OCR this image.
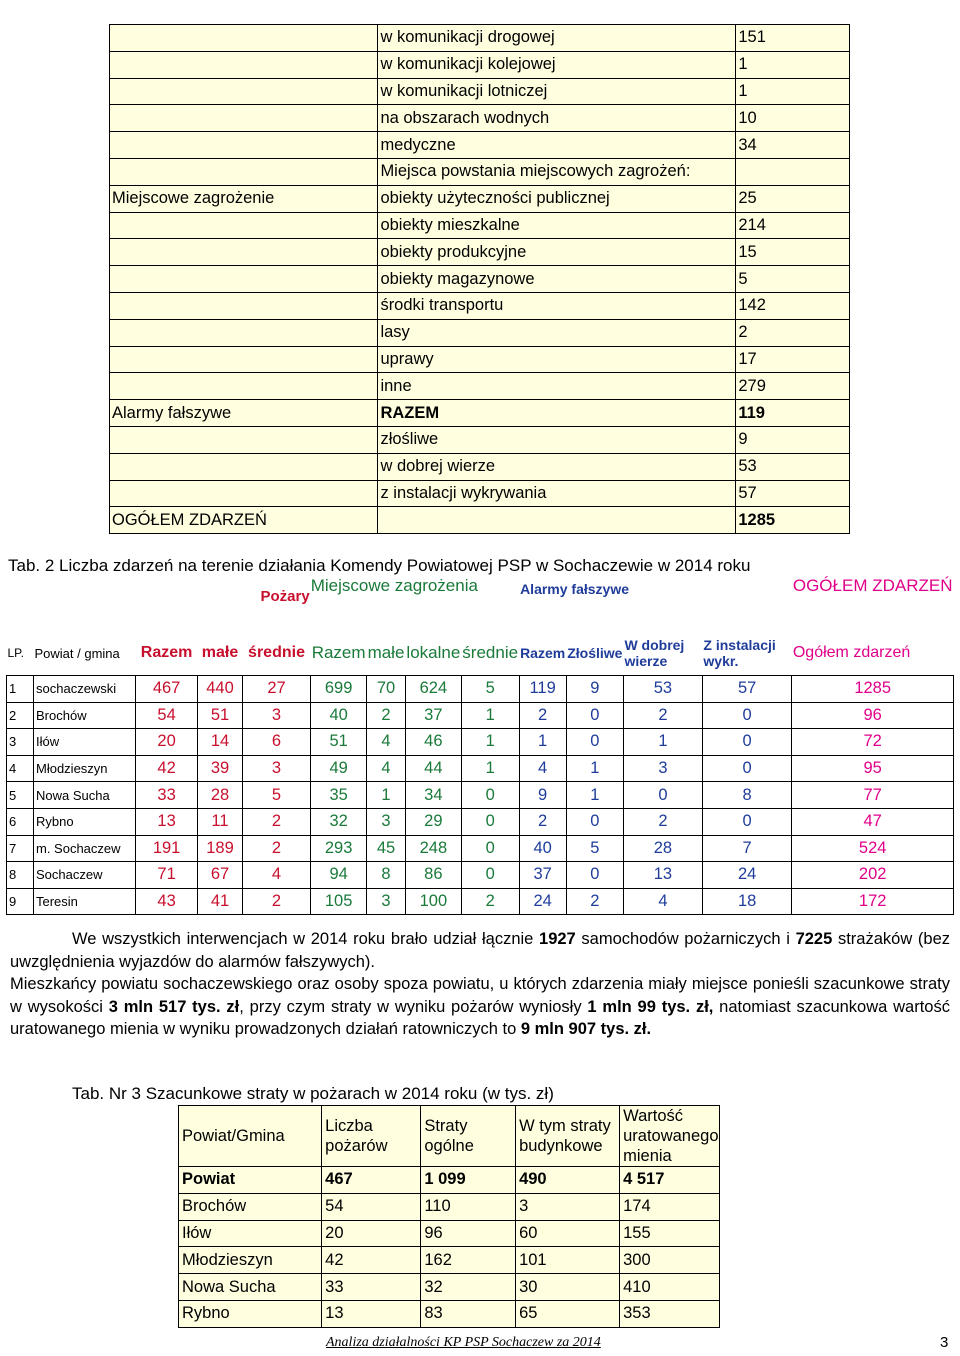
	w komunikacji drogowej	151
	w komunikacji kolejowej	1
	w komunikacji lotniczej	1
	na obszarach wodnych	10
	medyczne	34
	Miejsca powstania miejscowych zagrożeń:	
Miejscowe zagrożenie	obiekty użyteczności publicznej	25
	obiekty mieszkalne	214
	obiekty produkcyjne	15
	obiekty magazynowe	5
	środki transportu	142
	lasy	2
	uprawy	17
	inne	279
Alarmy fałszywe	RAZEM	119
	złośliwe	9
	w dobrej wierze	53
	z instalacji wykrywania	57
OGÓŁEM ZDARZEŃ		1285
Tab. 2 Liczba zdarzeń na terenie działania Komendy Powiatowej PSP w Sochaczewie w 2014 roku
		Pożary			Miejscowe zagrożenia				Alarmy fałszywe				OGÓŁEM ZDARZEŃ
LP.	Powiat / gmina	Razem	małe	średnie	Razem	małe	lokalne	średnie	Razem	Złośliwe	W dobrej wierze	Z instalacji wykr.	Ogółem zdarzeń
1	sochaczewski	467	440	27	699	70	624	5	119	9	53	57	1285
2	Brochów	54	51	3	40	2	37	1	2	0	2	0	96
3	Iłów	20	14	6	51	4	46	1	1	0	1	0	72
4	Młodzieszyn	42	39	3	49	4	44	1	4	1	3	0	95
5	Nowa Sucha	33	28	5	35	1	34	0	9	1	0	8	77
6	Rybno	13	11	2	32	3	29	0	2	0	2	0	47
7	m. Sochaczew	191	189	2	293	45	248	0	40	5	28	7	524
8	Sochaczew	71	67	4	94	8	86	0	37	0	13	24	202
9	Teresin	43	41	2	105	3	100	2	24	2	4	18	172
We wszystkich interwencjach w 2014 roku brało udział łącznie 1927 samochodów pożarniczych i 7225 strażaków (bez uwzględnienia wyjazdów do alarmów fałszywych).
Mieszkańcy powiatu sochaczewskiego oraz osoby spoza powiatu, u których zdarzenia miały miejsce ponieśli szacunkowe straty w wysokości 3 mln 517 tys. zł, przy czym straty w wyniku pożarów wyniosły 1 mln 99 tys. zł, natomiast szacunkowa wartość uratowanego mienia w wyniku prowadzonych działań ratowniczych to 9 mln 907 tys. zł.
Tab. Nr 3 Szacunkowe straty w pożarach w 2014 roku (w tys. zł)
Powiat/Gmina	Liczba pożarów	Straty ogólne	W tym straty budynkowe	Wartość uratowanego mienia
Powiat	467	1 099	490	4 517
Brochów	54	110	3	174
Iłów	20	96	60	155
Młodzieszyn	42	162	101	300
Nowa Sucha	33	32	30	410
Rybno	13	83	65	353
Analiza działalności KP PSP Sochaczew za 2014	3
